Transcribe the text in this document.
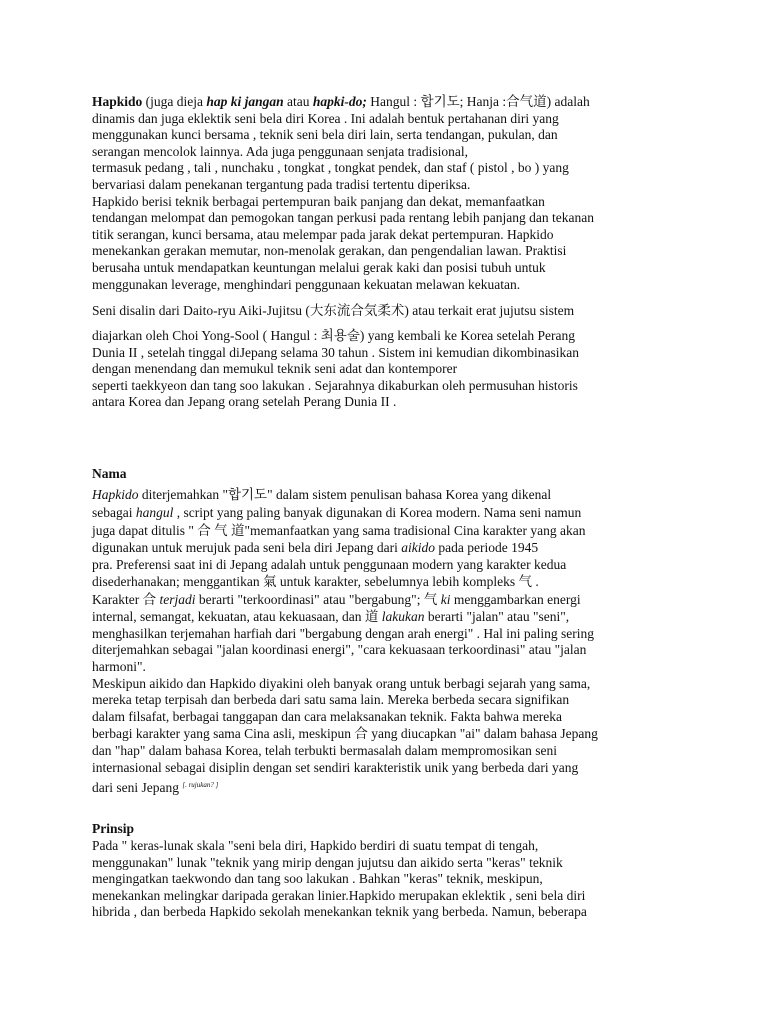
Hapkido (juga dieja hap ki jangan atau hapki-do; Hangul : 합기도; Hanja :合气道) adalah
dinamis dan juga eklektik seni bela diri Korea . Ini adalah bentuk pertahanan diri yang
menggunakan kunci bersama , teknik seni bela diri lain, serta tendangan, pukulan, dan
serangan mencolok lainnya. Ada juga penggunaan senjata tradisional,
termasuk pedang , tali , nunchaku , tongkat , tongkat pendek, dan staf ( pistol , bo ) yang
bervariasi dalam penekanan tergantung pada tradisi tertentu diperiksa.
Hapkido berisi teknik berbagai pertempuran baik panjang dan dekat, memanfaatkan
tendangan melompat dan pemogokan tangan perkusi pada rentang lebih panjang dan tekanan
titik serangan, kunci bersama, atau melempar pada jarak dekat pertempuran. Hapkido
menekankan gerakan memutar, non-menolak gerakan, dan pengendalian lawan. Praktisi
berusaha untuk mendapatkan keuntungan melalui gerak kaki dan posisi tubuh untuk
menggunakan leverage, menghindari penggunaan kekuatan melawan kekuatan.
Seni disalin dari Daito-ryu Aiki-Jujitsu (大东流合気柔术) atau terkait erat jujutsu sistem
diajarkan oleh Choi Yong-Sool ( Hangul : 최용술) yang kembali ke Korea setelah Perang
Dunia II , setelah tinggal diJepang selama 30 tahun . Sistem ini kemudian dikombinasikan
dengan menendang dan memukul teknik seni adat dan kontemporer
seperti taekkyeon dan tang soo lakukan . Sejarahnya dikaburkan oleh permusuhan historis
antara Korea dan Jepang orang setelah Perang Dunia II .
Nama
Hapkido diterjemahkan "합기도" dalam sistem penulisan bahasa Korea yang dikenal
sebagai hangul , script yang paling banyak digunakan di Korea modern. Nama seni namun
juga dapat ditulis " 合 气 道"memanfaatkan yang sama tradisional Cina karakter yang akan
digunakan untuk merujuk pada seni bela diri Jepang dari aikido pada periode 1945
pra. Preferensi saat ini di Jepang adalah untuk penggunaan modern yang karakter kedua
disederhanakan; menggantikan 氣 untuk karakter, sebelumnya lebih kompleks 气 .
Karakter 合 terjadi berarti "terkoordinasi" atau "bergabung"; 气 ki menggambarkan energi
internal, semangat, kekuatan, atau kekuasaan, dan 道 lakukan berarti "jalan" atau "seni",
menghasilkan terjemahan harfiah dari "bergabung dengan arah energi" . Hal ini paling sering
diterjemahkan sebagai "jalan koordinasi energi", "cara kekuasaan terkoordinasi" atau "jalan
harmoni".
Meskipun aikido dan Hapkido diyakini oleh banyak orang untuk berbagi sejarah yang sama,
mereka tetap terpisah dan berbeda dari satu sama lain. Mereka berbeda secara signifikan
dalam filsafat, berbagai tanggapan dan cara melaksanakan teknik. Fakta bahwa mereka
berbagi karakter yang sama Cina asli, meskipun 合 yang diucapkan "ai" dalam bahasa Jepang
dan "hap" dalam bahasa Korea, telah terbukti bermasalah dalam mempromosikan seni
internasional sebagai disiplin dengan set sendiri karakteristik unik yang berbeda dari yang
dari seni Jepang [. rujukan? ]
Prinsip
Pada " keras-lunak skala "seni bela diri, Hapkido berdiri di suatu tempat di tengah,
menggunakan" lunak "teknik yang mirip dengan jujutsu dan aikido serta "keras" teknik
mengingatkan taekwondo dan tang soo lakukan . Bahkan "keras" teknik, meskipun,
menekankan melingkar daripada gerakan linier.Hapkido merupakan eklektik , seni bela diri
hibrida , dan berbeda Hapkido sekolah menekankan teknik yang berbeda. Namun, beberapa
